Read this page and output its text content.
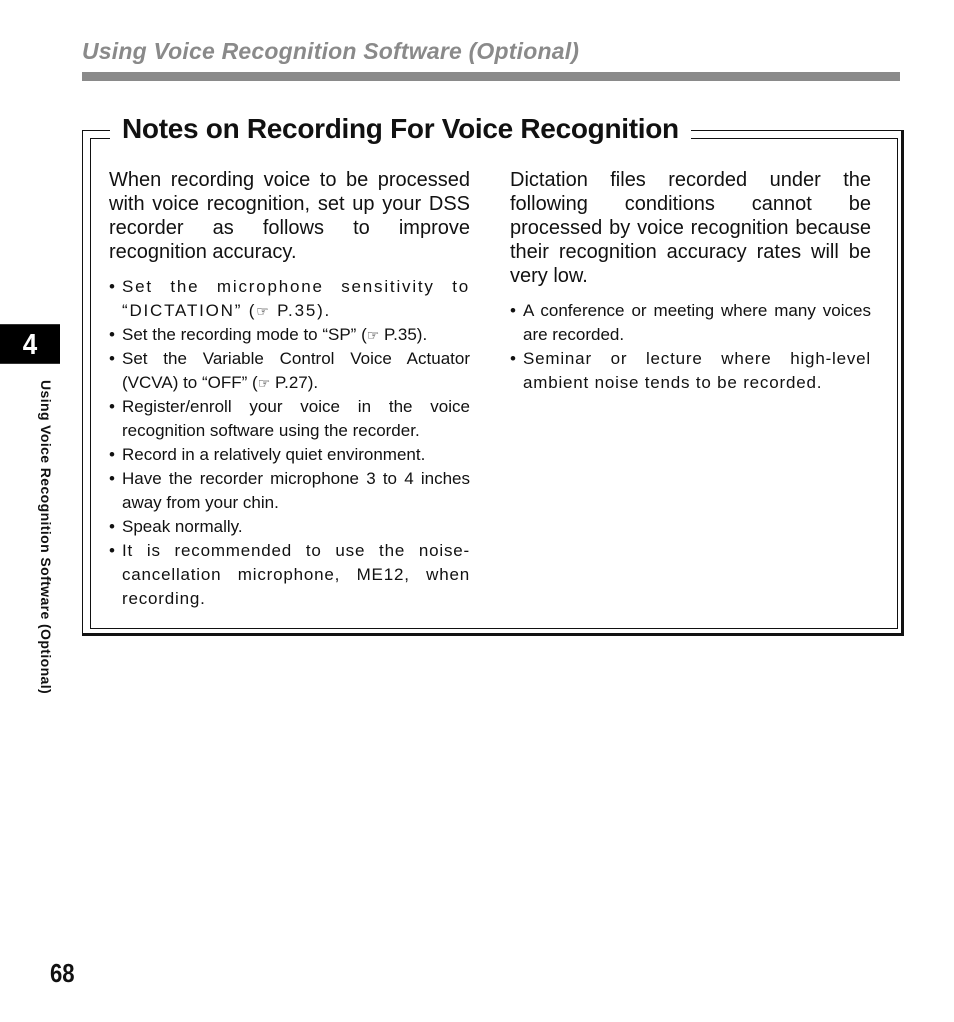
Using Voice Recognition Software (Optional)
4
Using Voice Recognition Software (Optional)
Notes on Recording For Voice Recognition

When recording voice to be processed with voice recognition, set up your DSS recorder as follows to improve recognition accuracy.

• Set the microphone sensitivity to “DICTATION” (☞ P.35).
• Set the recording mode to “SP” (☞ P.35).
• Set the Variable Control Voice Actuator (VCVA) to “OFF” (☞ P.27).
• Register/enroll your voice in the voice recognition software using the recorder.
• Record in a relatively quiet environment.
• Have the recorder microphone 3 to 4 inches away from your chin.
• Speak normally.
• It is recommended to use the noise-cancellation microphone, ME12, when recording.

Dictation files recorded under the following conditions cannot be processed by voice recognition because their recognition accuracy rates will be very low.

• A conference or meeting where many voices are recorded.
• Seminar or lecture where high-level ambient noise tends to be recorded.
68
